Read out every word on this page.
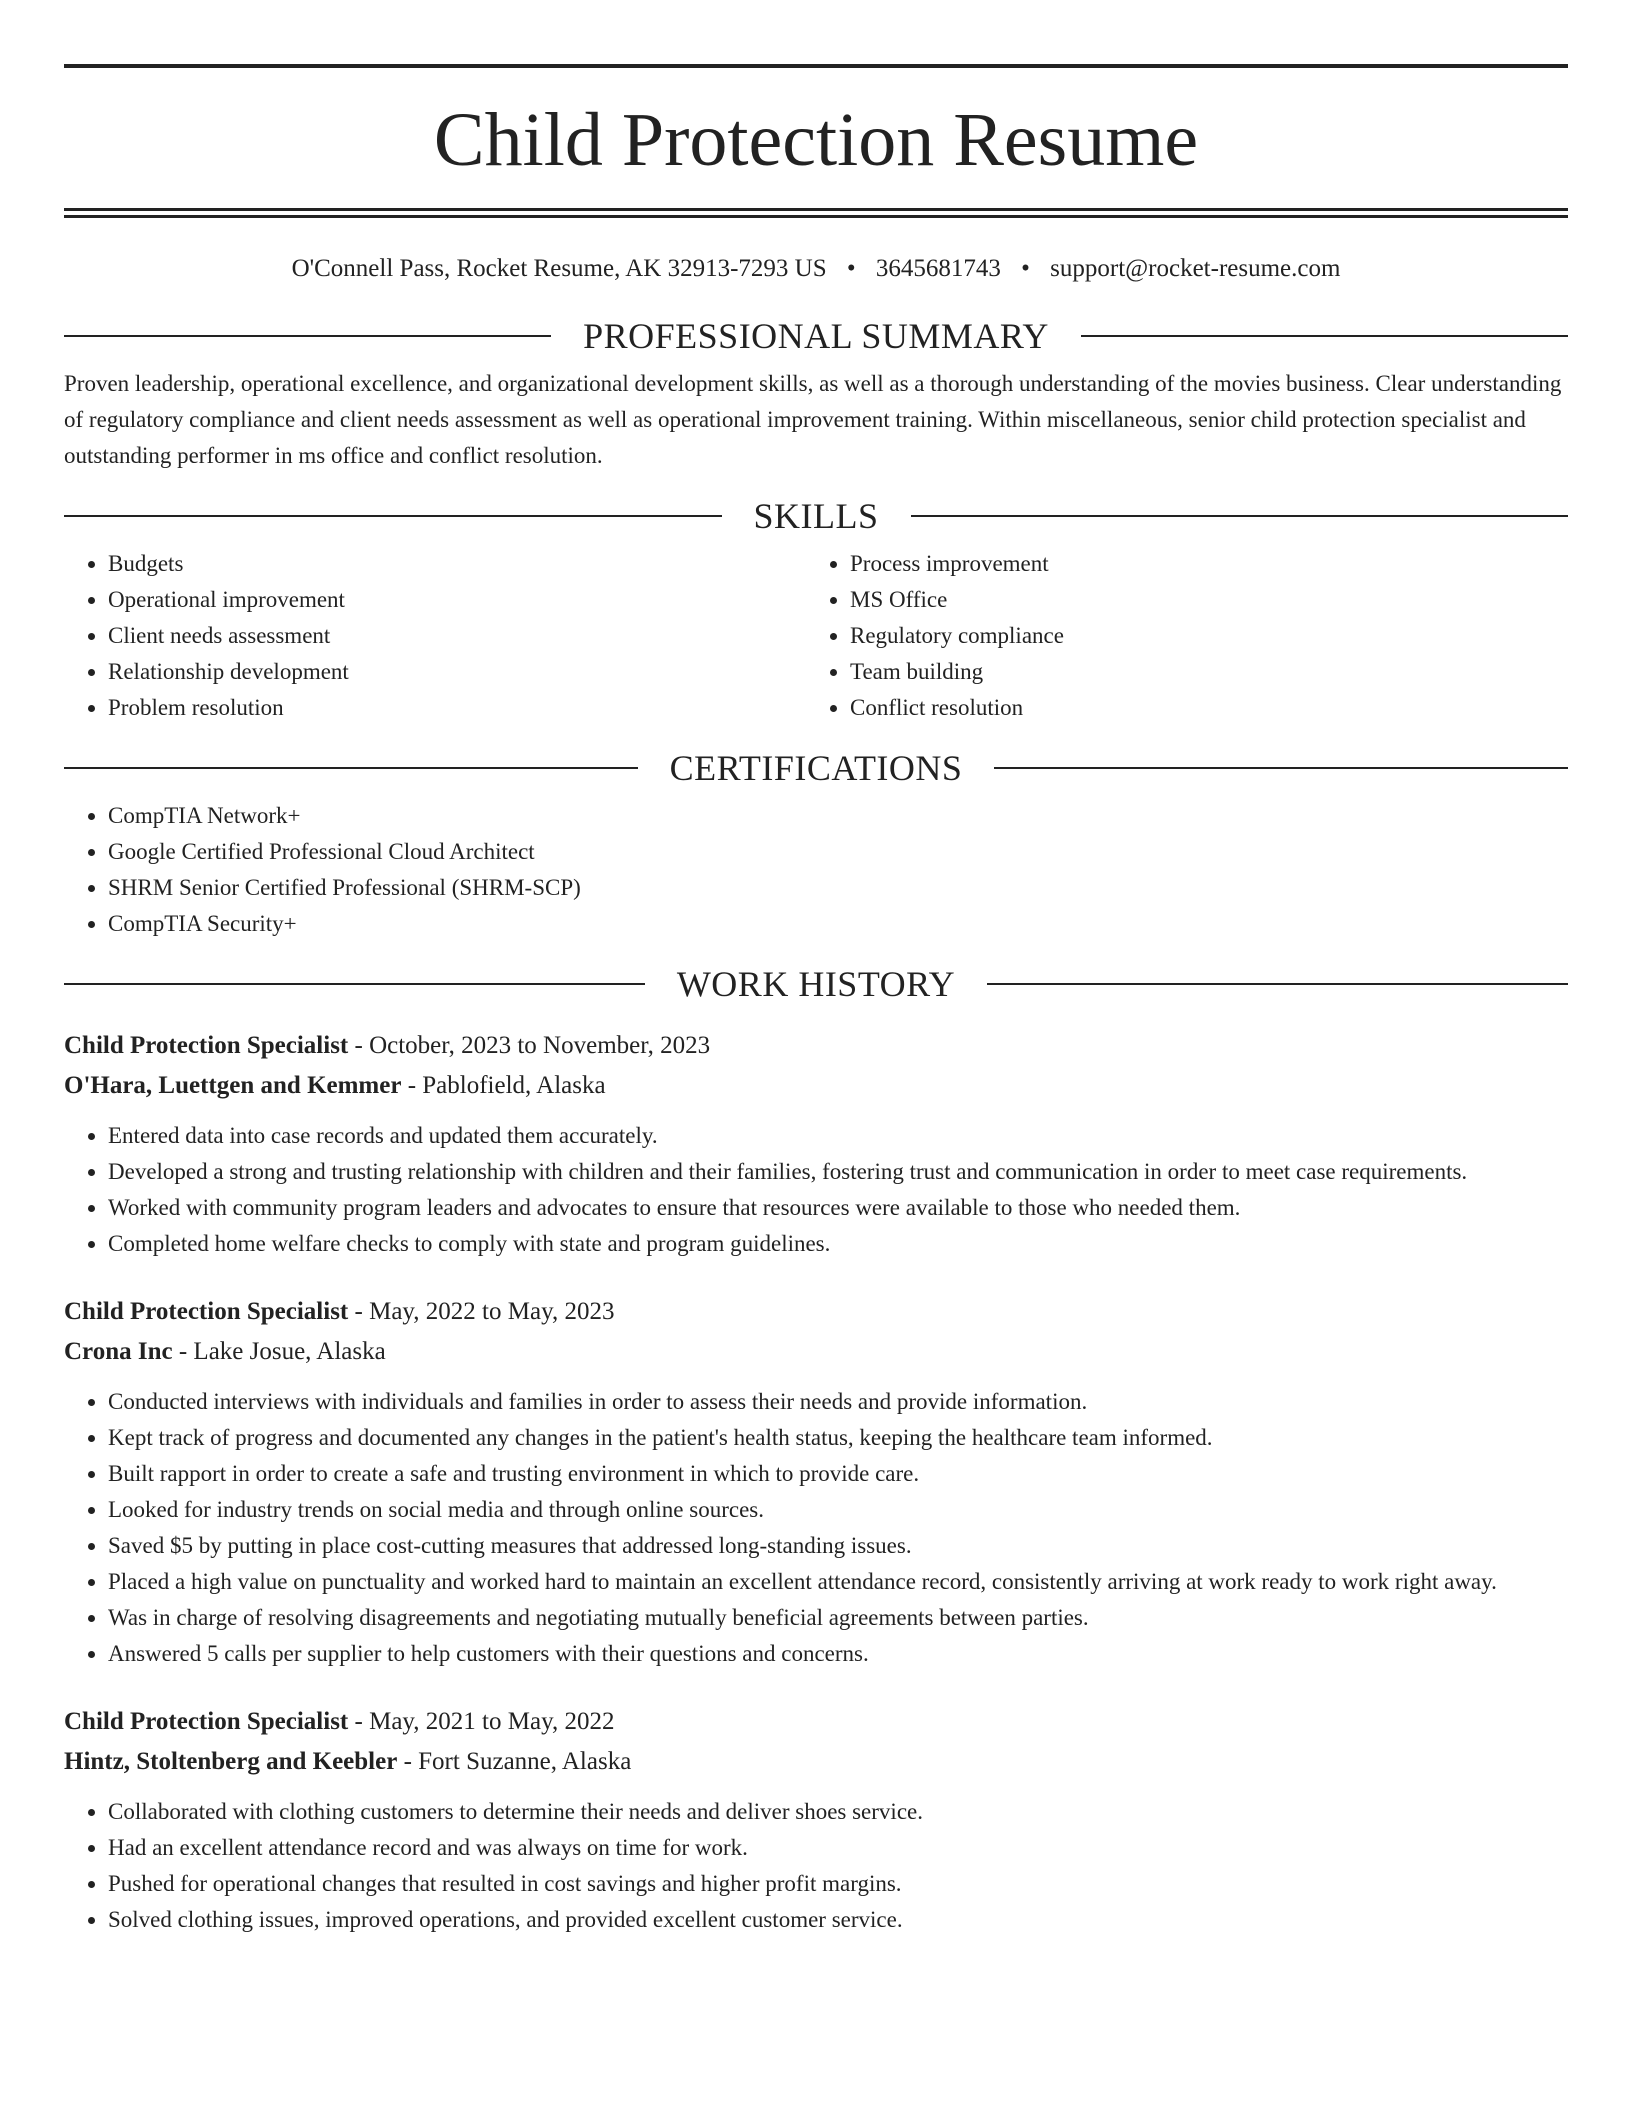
Child Protection Resume
O'Connell Pass, Rocket Resume, AK 32913-7293 US • 3645681743 • support@rocket-resume.com
PROFESSIONAL SUMMARY

Proven leadership, operational excellence, and organizational development skills, as well as a thorough understanding of the movies business. Clear understanding of regulatory compliance and client needs assessment as well as operational improvement training. Within miscellaneous, senior child protection specialist and outstanding performer in ms office and conflict resolution.

SKILLS
• Budgets
• Operational improvement
• Client needs assessment
• Relationship development
• Problem resolution
• Process improvement
• MS Office
• Regulatory compliance
• Team building
• Conflict resolution
CERTIFICATIONS
• CompTIA Network+
• Google Certified Professional Cloud Architect
• SHRM Senior Certified Professional (SHRM-SCP)
• CompTIA Security+
WORK HISTORY
Child Protection Specialist - October, 2023 to November, 2023
O'Hara, Luettgen and Kemmer - Pablofield, Alaska
• Entered data into case records and updated them accurately.
• Developed a strong and trusting relationship with children and their families, fostering trust and communication in order to meet case requirements.
• Worked with community program leaders and advocates to ensure that resources were available to those who needed them.
• Completed home welfare checks to comply with state and program guidelines.
Child Protection Specialist - May, 2022 to May, 2023
Crona Inc - Lake Josue, Alaska
• Conducted interviews with individuals and families in order to assess their needs and provide information.
• Kept track of progress and documented any changes in the patient's health status, keeping the healthcare team informed.
• Built rapport in order to create a safe and trusting environment in which to provide care.
• Looked for industry trends on social media and through online sources.
• Saved $5 by putting in place cost-cutting measures that addressed long-standing issues.
• Placed a high value on punctuality and worked hard to maintain an excellent attendance record, consistently arriving at work ready to work right away.
• Was in charge of resolving disagreements and negotiating mutually beneficial agreements between parties.
• Answered 5 calls per supplier to help customers with their questions and concerns.
Child Protection Specialist - May, 2021 to May, 2022
Hintz, Stoltenberg and Keebler - Fort Suzanne, Alaska
• Collaborated with clothing customers to determine their needs and deliver shoes service.
• Had an excellent attendance record and was always on time for work.
• Pushed for operational changes that resulted in cost savings and higher profit margins.
• Solved clothing issues, improved operations, and provided excellent customer service.
